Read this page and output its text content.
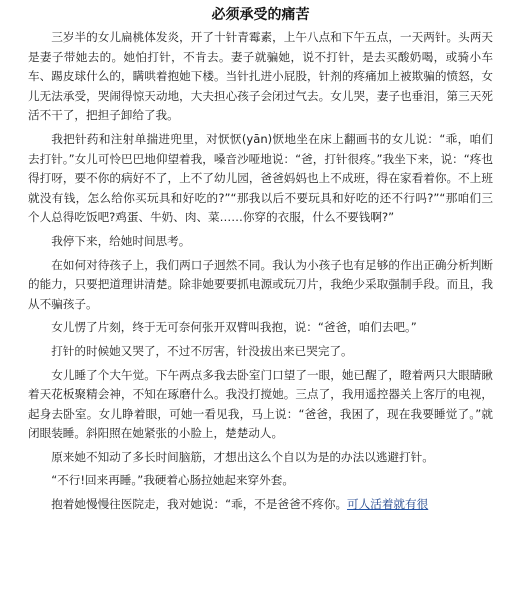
必须承受的痛苦

三岁半的女儿扁桃体发炎，开了十针青霉素，上午八点和下午五点，一天两针。头两天是妻子带她去的。她怕打针，不肯去。妻子就骗她，说不打针，是去买酸奶喝，或骑小车车、踢皮球什么的，瞒哄着抱她下楼。当针扎进小屁股，针剂的疼痛加上被欺骗的愤怒，女儿无法承受，哭闹得惊天动地，大夫担心孩子会闭过气去。女儿哭，妻子也垂泪，第三天死活不干了，把担子卸给了我。

我把针药和注射单揣进兜里，对恹恹(yān)恹地坐在床上翻画书的女儿说：“乖，咱们去打针。”女儿可怜巴巴地仰望着我，嗓音沙哑地说：“爸，打针很疼。”我坐下来，说：“疼也得打呀，要不你的病好不了，上不了幼儿园，爸爸妈妈也上不成班，得在家看着你。不上班就没有钱，怎么给你买玩具和好吃的?”“那我以后不要玩具和好吃的还不行吗?”“那咱们三个人总得吃饭吧?鸡蛋、牛奶、肉、菜……你穿的衣服，什么不要钱啊?”

我停下来，给她时间思考。

在如何对待孩子上，我们两口子迥然不同。我认为小孩子也有足够的作出正确分析判断的能力，只要把道理讲清楚。除非她要要抓电源或玩刀片，我绝少采取强制手段。而且，我从不骗孩子。

女儿愣了片刻，终于无可奈何张开双臂叫我抱，说：“爸爸，咱们去吧。”

打针的时候她又哭了，不过不厉害，针没拔出来已哭完了。

女儿睡了个大午觉。下午两点多我去卧室门口望了一眼，她已醒了，瞪着两只大眼睛瞅着天花板聚精会神，不知在琢磨什么。我没打搅她。三点了，我用遥控器关上客厅的电视，起身去卧室。女儿睁着眼，可她一看见我，马上说：“爸爸，我困了，现在我要睡觉了。”就闭眼装睡。斜阳照在她紧张的小脸上，楚楚动人。

原来她不知动了多长时间脑筋，才想出这么个自以为是的办法以逃避打针。

“不行!回来再睡。”我硬着心肠拉她起来穿外套。

抱着她慢慢往医院走，我对她说：“乖，不是爸爸不疼你。可人活着就有很
